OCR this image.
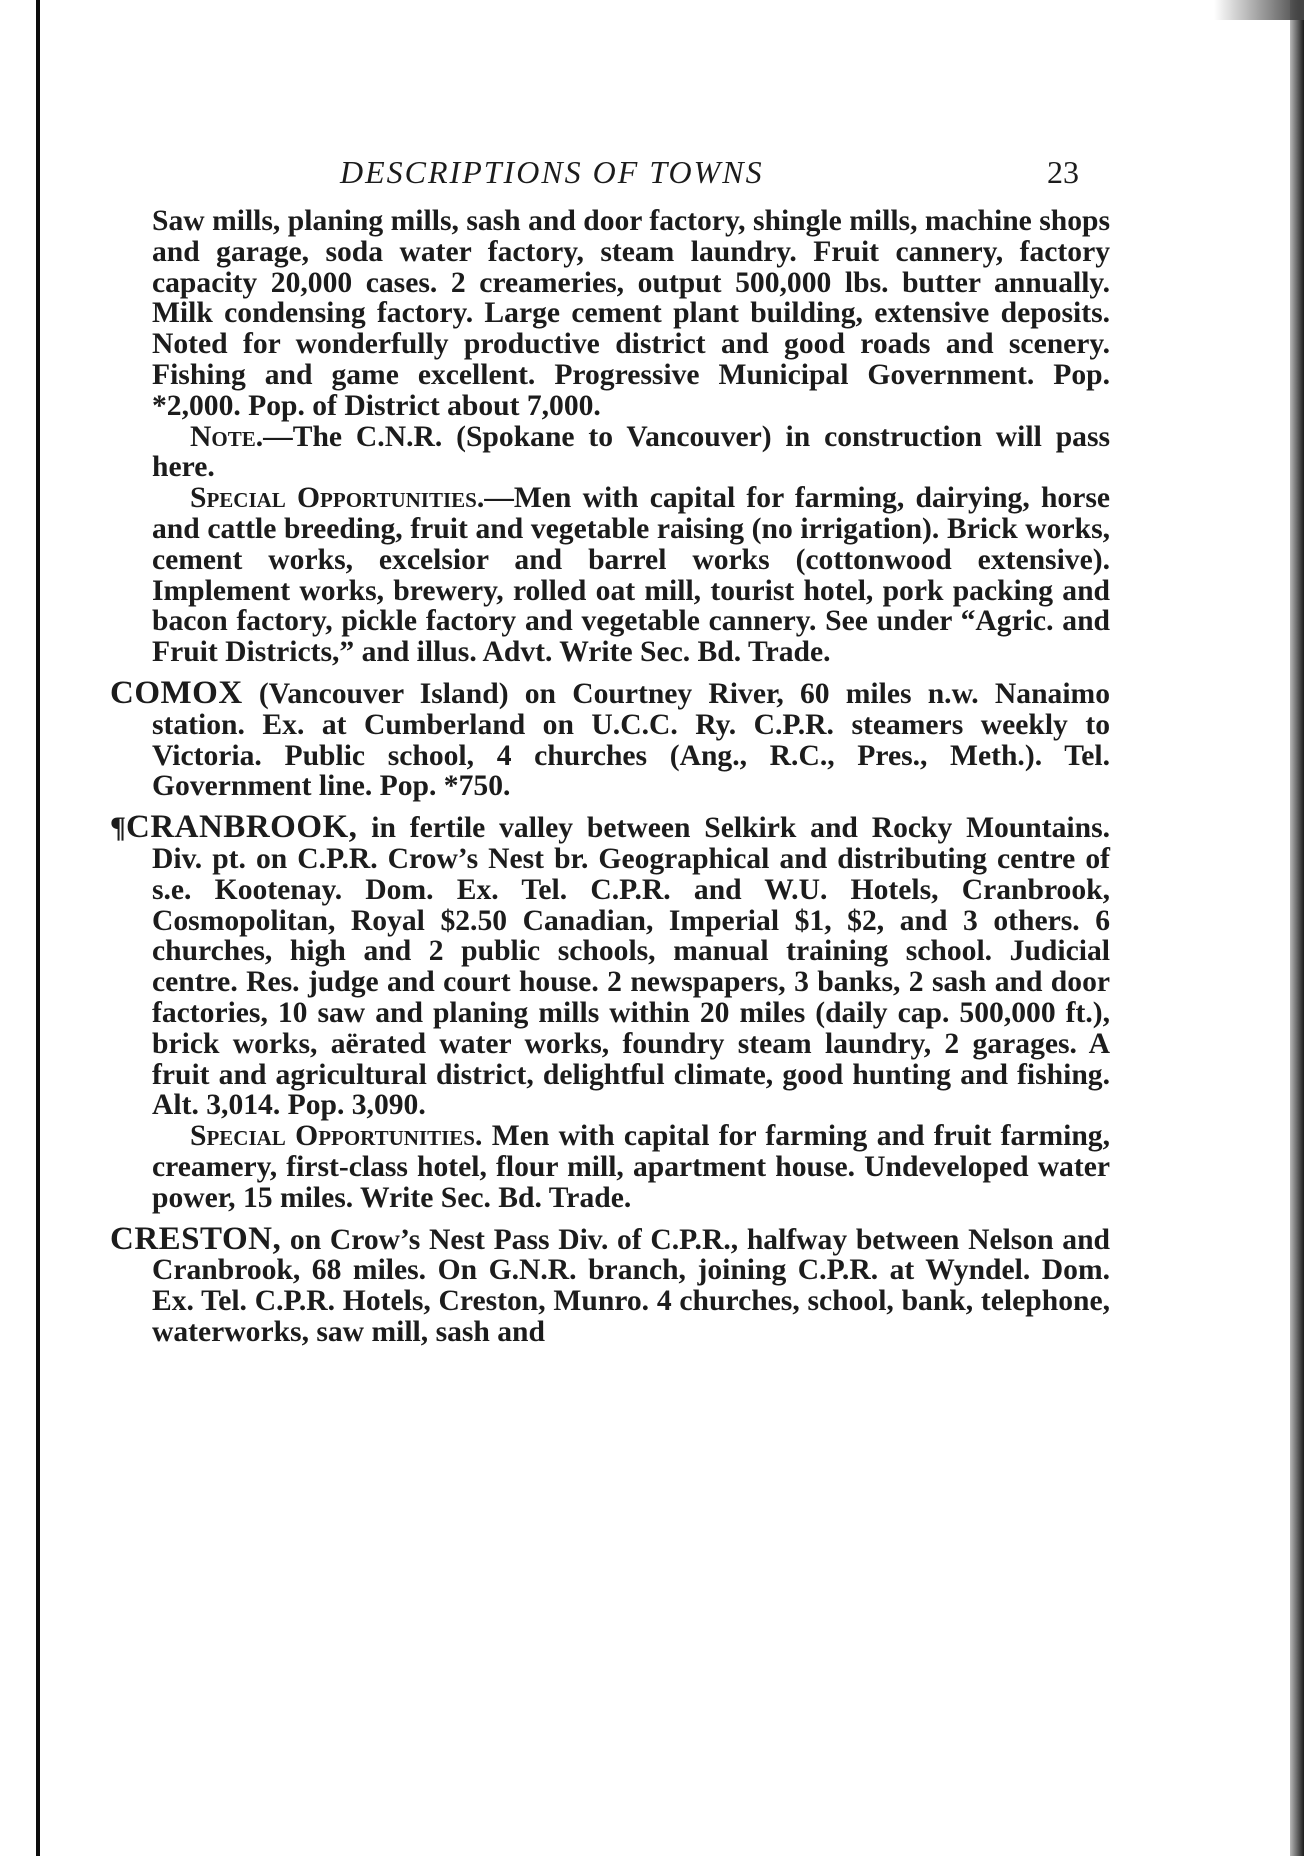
DESCRIPTIONS OF TOWNS	23

Saw mills, planing mills, sash and door factory, shingle mills, machine shops and garage, soda water factory, steam laundry. Fruit cannery, factory capacity 20,000 cases. 2 creameries, output 500,000 lbs. butter annually. Milk condensing factory. Large cement plant building, extensive deposits. Noted for wonderfully productive district and good roads and scenery. Fishing and game excellent. Progressive Municipal Government. Pop. *2,000. Pop. of District about 7,000.

Note.—The C.N.R. (Spokane to Vancouver) in construction will pass here.

Special Opportunities.—Men with capital for farming, dairying, horse and cattle breeding, fruit and vegetable raising (no irrigation). Brick works, cement works, excelsior and barrel works (cottonwood extensive). Implement works, brewery, rolled oat mill, tourist hotel, pork packing and bacon factory, pickle factory and vegetable cannery. See under “Agric. and Fruit Districts,” and illus. Advt. Write Sec. Bd. Trade.

COMOX (Vancouver Island) on Courtney River, 60 miles n.w. Nanaimo station. Ex. at Cumberland on U.C.C. Ry. C.P.R. steamers weekly to Victoria. Public school, 4 churches (Ang., R.C., Pres., Meth.). Tel. Government line. Pop. *750.

¶CRANBROOK, in fertile valley between Selkirk and Rocky Mountains. Div. pt. on C.P.R. Crow’s Nest br. Geographical and distributing centre of s.e. Kootenay. Dom. Ex. Tel. C.P.R. and W.U. Hotels, Cranbrook, Cosmopolitan, Royal $2.50 Canadian, Imperial $1, $2, and 3 others. 6 churches, high and 2 public schools, manual training school. Judicial centre. Res. judge and court house. 2 newspapers, 3 banks, 2 sash and door factories, 10 saw and planing mills within 20 miles (daily cap. 500,000 ft.), brick works, aërated water works, foundry steam laundry, 2 garages. A fruit and agricultural district, delightful climate, good hunting and fishing. Alt. 3,014. Pop. 3,090.

Special Opportunities. Men with capital for farming and fruit farming, creamery, first-class hotel, flour mill, apartment house. Undeveloped water power, 15 miles. Write Sec. Bd. Trade.

CRESTON, on Crow’s Nest Pass Div. of C.P.R., halfway between Nelson and Cranbrook, 68 miles. On G.N.R. branch, joining C.P.R. at Wyndel. Dom. Ex. Tel. C.P.R. Hotels, Creston, Munro. 4 churches, school, bank, telephone, waterworks, saw mill, sash and
